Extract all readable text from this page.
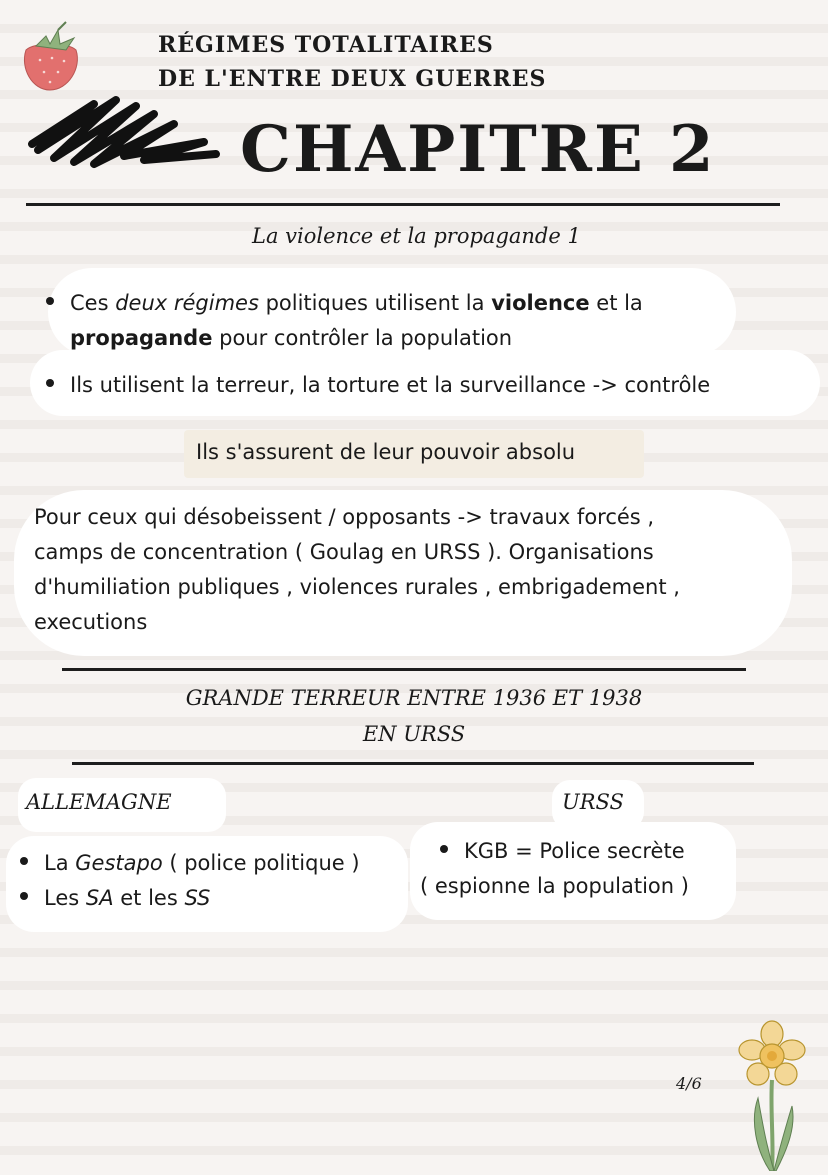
RÉGIMES TOTALITAIRES
DE L'ENTRE DEUX GUERRES
CHAPITRE 2
La violence et la propagande 1
Ces deux régimes politiques utilisent la violence et la
propagande pour contrôler la population
Ils utilisent la terreur, la torture et la surveillance -> contrôle
Ils s'assurent de leur pouvoir absolu
Pour ceux qui désobeissent / opposants -> travaux forcés ,
camps de concentration ( Goulag en URSS ). Organisations
d'humiliation publiques , violences rurales , embrigadement ,
executions
GRANDE TERREUR ENTRE 1936 ET 1938
EN URSS
ALLEMAGNE
La Gestapo ( police politique )
Les SA et les SS
URSS
KGB = Police secrète
( espionne la population )
4/6
